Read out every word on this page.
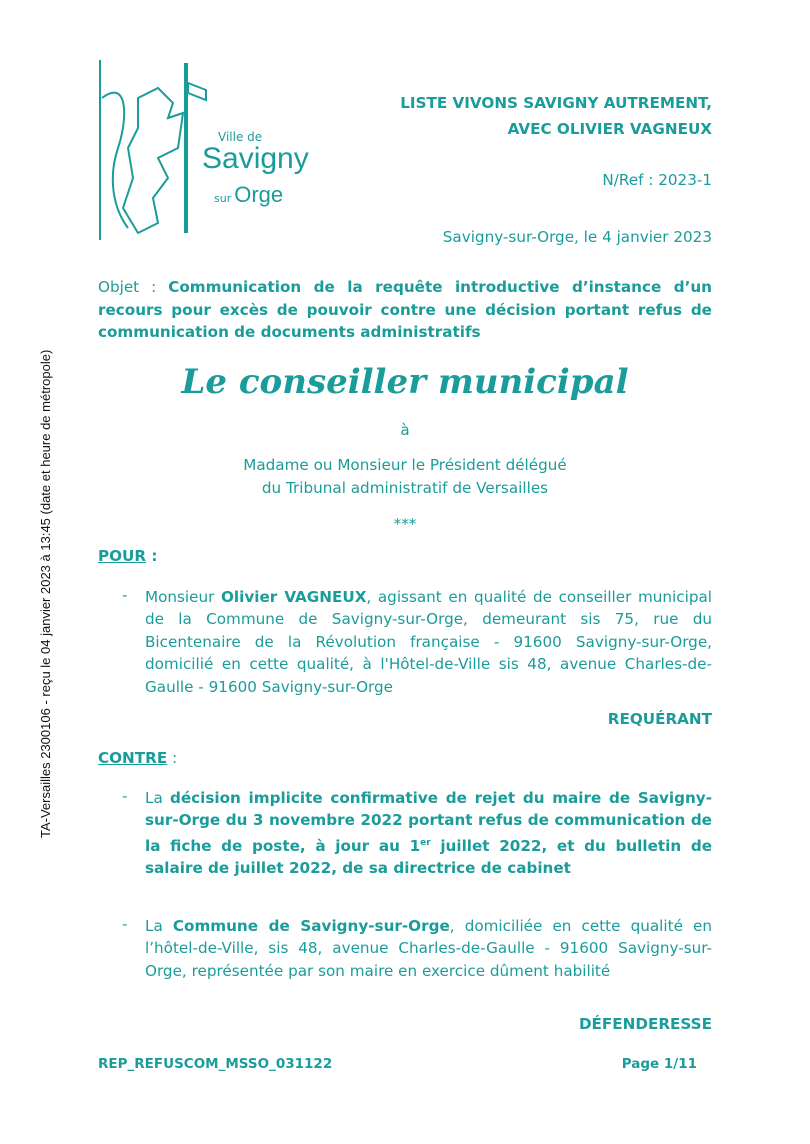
Ville de
Savigny
sur Orge
LISTE VIVONS SAVIGNY AUTREMENT,
AVEC OLIVIER VAGNEUX
N/Ref : 2023-1
Savigny-sur-Orge, le 4 janvier 2023
Objet : Communication de la requête introductive d’instance d’un recours pour excès de pouvoir contre une décision portant refus de communication de documents administratifs
Le conseiller municipal
à
Madame ou Monsieur le Président délégué
du Tribunal administratif de Versailles
***
POUR :
- Monsieur Olivier VAGNEUX, agissant en qualité de conseiller municipal de la Commune de Savigny-sur-Orge, demeurant sis 75, rue du Bicentenaire de la Révolution française - 91600 Savigny-sur-Orge, domicilié en cette qualité, à l'Hôtel-de-Ville sis 48, avenue Charles-de-Gaulle - 91600 Savigny-sur-Orge
REQUÉRANT
CONTRE :
- La décision implicite confirmative de rejet du maire de Savigny-sur-Orge du 3 novembre 2022 portant refus de communication de la fiche de poste, à jour au 1er juillet 2022, et du bulletin de salaire de juillet 2022, de sa directrice de cabinet
- La Commune de Savigny-sur-Orge, domiciliée en cette qualité en l’hôtel-de-Ville, sis 48, avenue Charles-de-Gaulle - 91600 Savigny-sur-Orge, représentée par son maire en exercice dûment habilité
DÉFENDERESSE
REP_REFUSCOM_MSSO_031122	Page 1/11
TA-Versailles 2300106 - reçu le 04 janvier 2023 à 13:45 (date et heure de métropole)
